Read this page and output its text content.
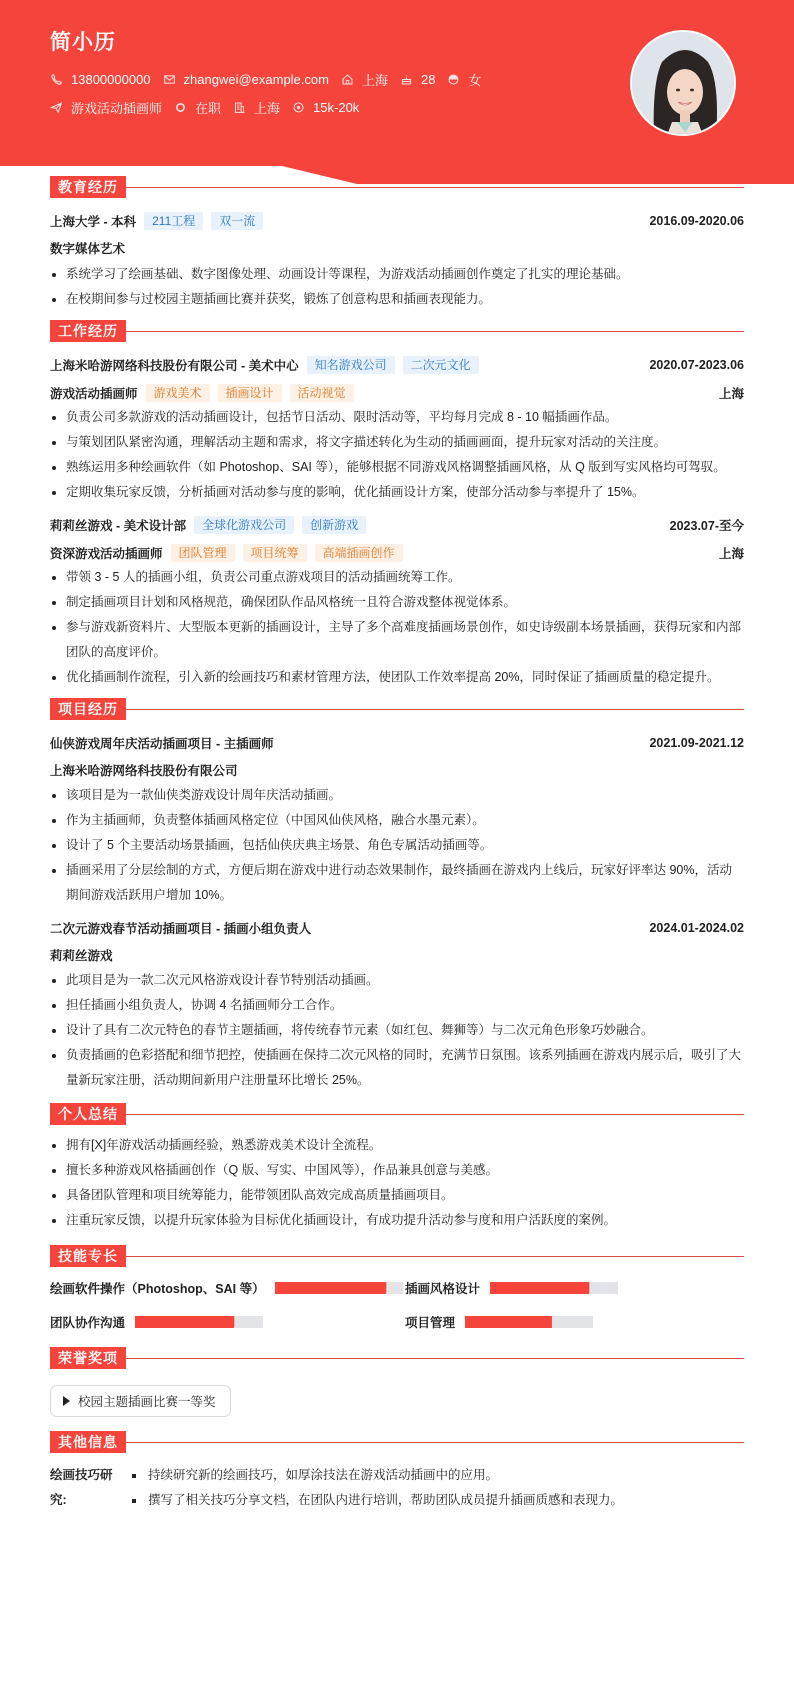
简小历
13800000000	zhangwei@example.com	上海	28	女
游戏活动插画师	在职	上海	15k-20k
教育经历
上海大学 - 本科	211工程	双一流	2016.09-2020.06
数字媒体艺术
系统学习了绘画基础、数字图像处理、动画设计等课程，为游戏活动插画创作奠定了扎实的理论基础。
在校期间参与过校园主题插画比赛并获奖，锻炼了创意构思和插画表现能力。
工作经历
上海米哈游网络科技股份有限公司 - 美术中心	知名游戏公司	二次元文化	2020.07-2023.06
游戏活动插画师	游戏美术	插画设计	活动视觉	上海
负责公司多款游戏的活动插画设计，包括节日活动、限时活动等，平均每月完成 8 - 10 幅插画作品。
与策划团队紧密沟通，理解活动主题和需求，将文字描述转化为生动的插画画面，提升玩家对活动的关注度。
熟练运用多种绘画软件（如 Photoshop、SAI 等），能够根据不同游戏风格调整插画风格，从 Q 版到写实风格均可驾驭。
定期收集玩家反馈，分析插画对活动参与度的影响，优化插画设计方案，使部分活动参与率提升了 15%。
莉莉丝游戏 - 美术设计部	全球化游戏公司	创新游戏	2023.07-至今
资深游戏活动插画师	团队管理	项目统筹	高端插画创作	上海
带领 3 - 5 人的插画小组，负责公司重点游戏项目的活动插画统筹工作。
制定插画项目计划和风格规范，确保团队作品风格统一且符合游戏整体视觉体系。
参与游戏新资料片、大型版本更新的插画设计，主导了多个高难度插画场景创作，如史诗级副本场景插画，获得玩家和内部团队的高度评价。
优化插画制作流程，引入新的绘画技巧和素材管理方法，使团队工作效率提高 20%，同时保证了插画质量的稳定提升。
项目经历
仙侠游戏周年庆活动插画项目 - 主插画师	2021.09-2021.12
上海米哈游网络科技股份有限公司
该项目是为一款仙侠类游戏设计周年庆活动插画。
作为主插画师，负责整体插画风格定位（中国风仙侠风格，融合水墨元素）。
设计了 5 个主要活动场景插画，包括仙侠庆典主场景、角色专属活动插画等。
插画采用了分层绘制的方式，方便后期在游戏中进行动态效果制作，最终插画在游戏内上线后，玩家好评率达 90%，活动期间游戏活跃用户增加 10%。
二次元游戏春节活动插画项目 - 插画小组负责人	2024.01-2024.02
莉莉丝游戏
此项目是为一款二次元风格游戏设计春节特别活动插画。
担任插画小组负责人，协调 4 名插画师分工合作。
设计了具有二次元特色的春节主题插画，将传统春节元素（如红包、舞狮等）与二次元角色形象巧妙融合。
负责插画的色彩搭配和细节把控，使插画在保持二次元风格的同时，充满节日氛围。该系列插画在游戏内展示后，吸引了大量新玩家注册，活动期间新用户注册量环比增长 25%。
个人总结
拥有[X]年游戏活动插画经验，熟悉游戏美术设计全流程。
擅长多种游戏风格插画创作（Q 版、写实、中国风等），作品兼具创意与美感。
具备团队管理和项目统筹能力，能带领团队高效完成高质量插画项目。
注重玩家反馈，以提升玩家体验为目标优化插画设计，有成功提升活动参与度和用户活跃度的案例。
技能专长
绘画软件操作（Photoshop、SAI 等）	插画风格设计
团队协作沟通	项目管理
荣誉奖项
校园主题插画比赛一等奖
其他信息
绘画技巧研究:
持续研究新的绘画技巧，如厚涂技法在游戏活动插画中的应用。
撰写了相关技巧分享文档，在团队内进行培训，帮助团队成员提升插画质感和表现力。
